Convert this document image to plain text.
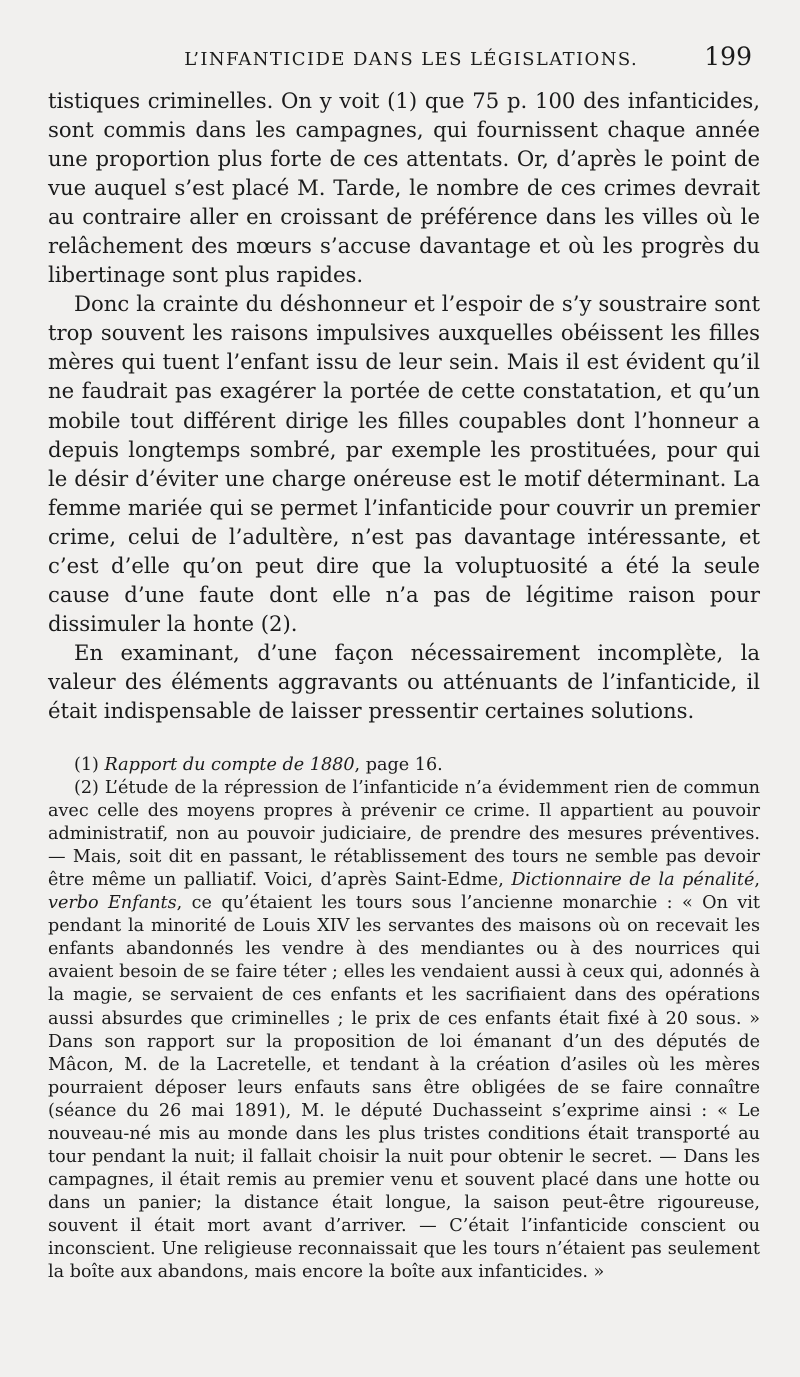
L’INFANTICIDE DANS LES LÉGISLATIONS.	199

tistiques criminelles. On y voit (1) que 75 p. 100 des infanticides, sont commis dans les campagnes, qui fournissent chaque année une proportion plus forte de ces attentats. Or, d’après le point de vue auquel s’est placé M. Tarde, le nombre de ces crimes devrait au contraire aller en croissant de préférence dans les villes où le relâchement des mœurs s’accuse davantage et où les progrès du libertinage sont plus rapides.

Donc la crainte du déshonneur et l’espoir de s’y soustraire sont trop souvent les raisons impulsives auxquelles obéissent les filles mères qui tuent l’enfant issu de leur sein. Mais il est évident qu’il ne faudrait pas exagérer la portée de cette constatation, et qu’un mobile tout différent dirige les filles coupables dont l’honneur a depuis longtemps sombré, par exemple les prostituées, pour qui le désir d’éviter une charge onéreuse est le motif déterminant. La femme mariée qui se permet l’infanticide pour couvrir un premier crime, celui de l’adultère, n’est pas davantage intéressante, et c’est d’elle qu’on peut dire que la voluptuosité a été la seule cause d’une faute dont elle n’a pas de légitime raison pour dissimuler la honte (2).

En examinant, d’une façon nécessairement incomplète, la valeur des éléments aggravants ou atténuants de l’infanticide, il était indispensable de laisser pressentir certaines solutions.

(1) Rapport du compte de 1880, page 16.

(2) L’étude de la répression de l’infanticide n’a évidemment rien de commun avec celle des moyens propres à prévenir ce crime. Il appartient au pouvoir administratif, non au pouvoir judiciaire, de prendre des mesures préventives. — Mais, soit dit en passant, le rétablissement des tours ne semble pas devoir être même un palliatif. Voici, d’après Saint-Edme, Dictionnaire de la pénalité, verbo Enfants, ce qu’étaient les tours sous l’ancienne monarchie : « On vit pendant la minorité de Louis XIV les servantes des maisons où on recevait les enfants abandonnés les vendre à des mendiantes ou à des nourrices qui avaient besoin de se faire téter ; elles les vendaient aussi à ceux qui, adonnés à la magie, se servaient de ces enfants et les sacrifiaient dans des opérations aussi absurdes que criminelles ; le prix de ces enfants était fixé à 20 sous. » Dans son rapport sur la proposition de loi émanant d’un des députés de Mâcon, M. de la Lacretelle, et tendant à la création d’asiles où les mères pourraient déposer leurs enfauts sans être obligées de se faire connaître (séance du 26 mai 1891), M. le député Duchasseint s’exprime ainsi : « Le nouveau-né mis au monde dans les plus tristes conditions était transporté au tour pendant la nuit; il fallait choisir la nuit pour obtenir le secret. — Dans les campagnes, il était remis au premier venu et souvent placé dans une hotte ou dans un panier; la distance était longue, la saison peut-être rigoureuse, souvent il était mort avant d’arriver. — C’était l’infanticide conscient ou inconscient. Une religieuse reconnaissait que les tours n’étaient pas seulement la boîte aux abandons, mais encore la boîte aux infanticides. »
